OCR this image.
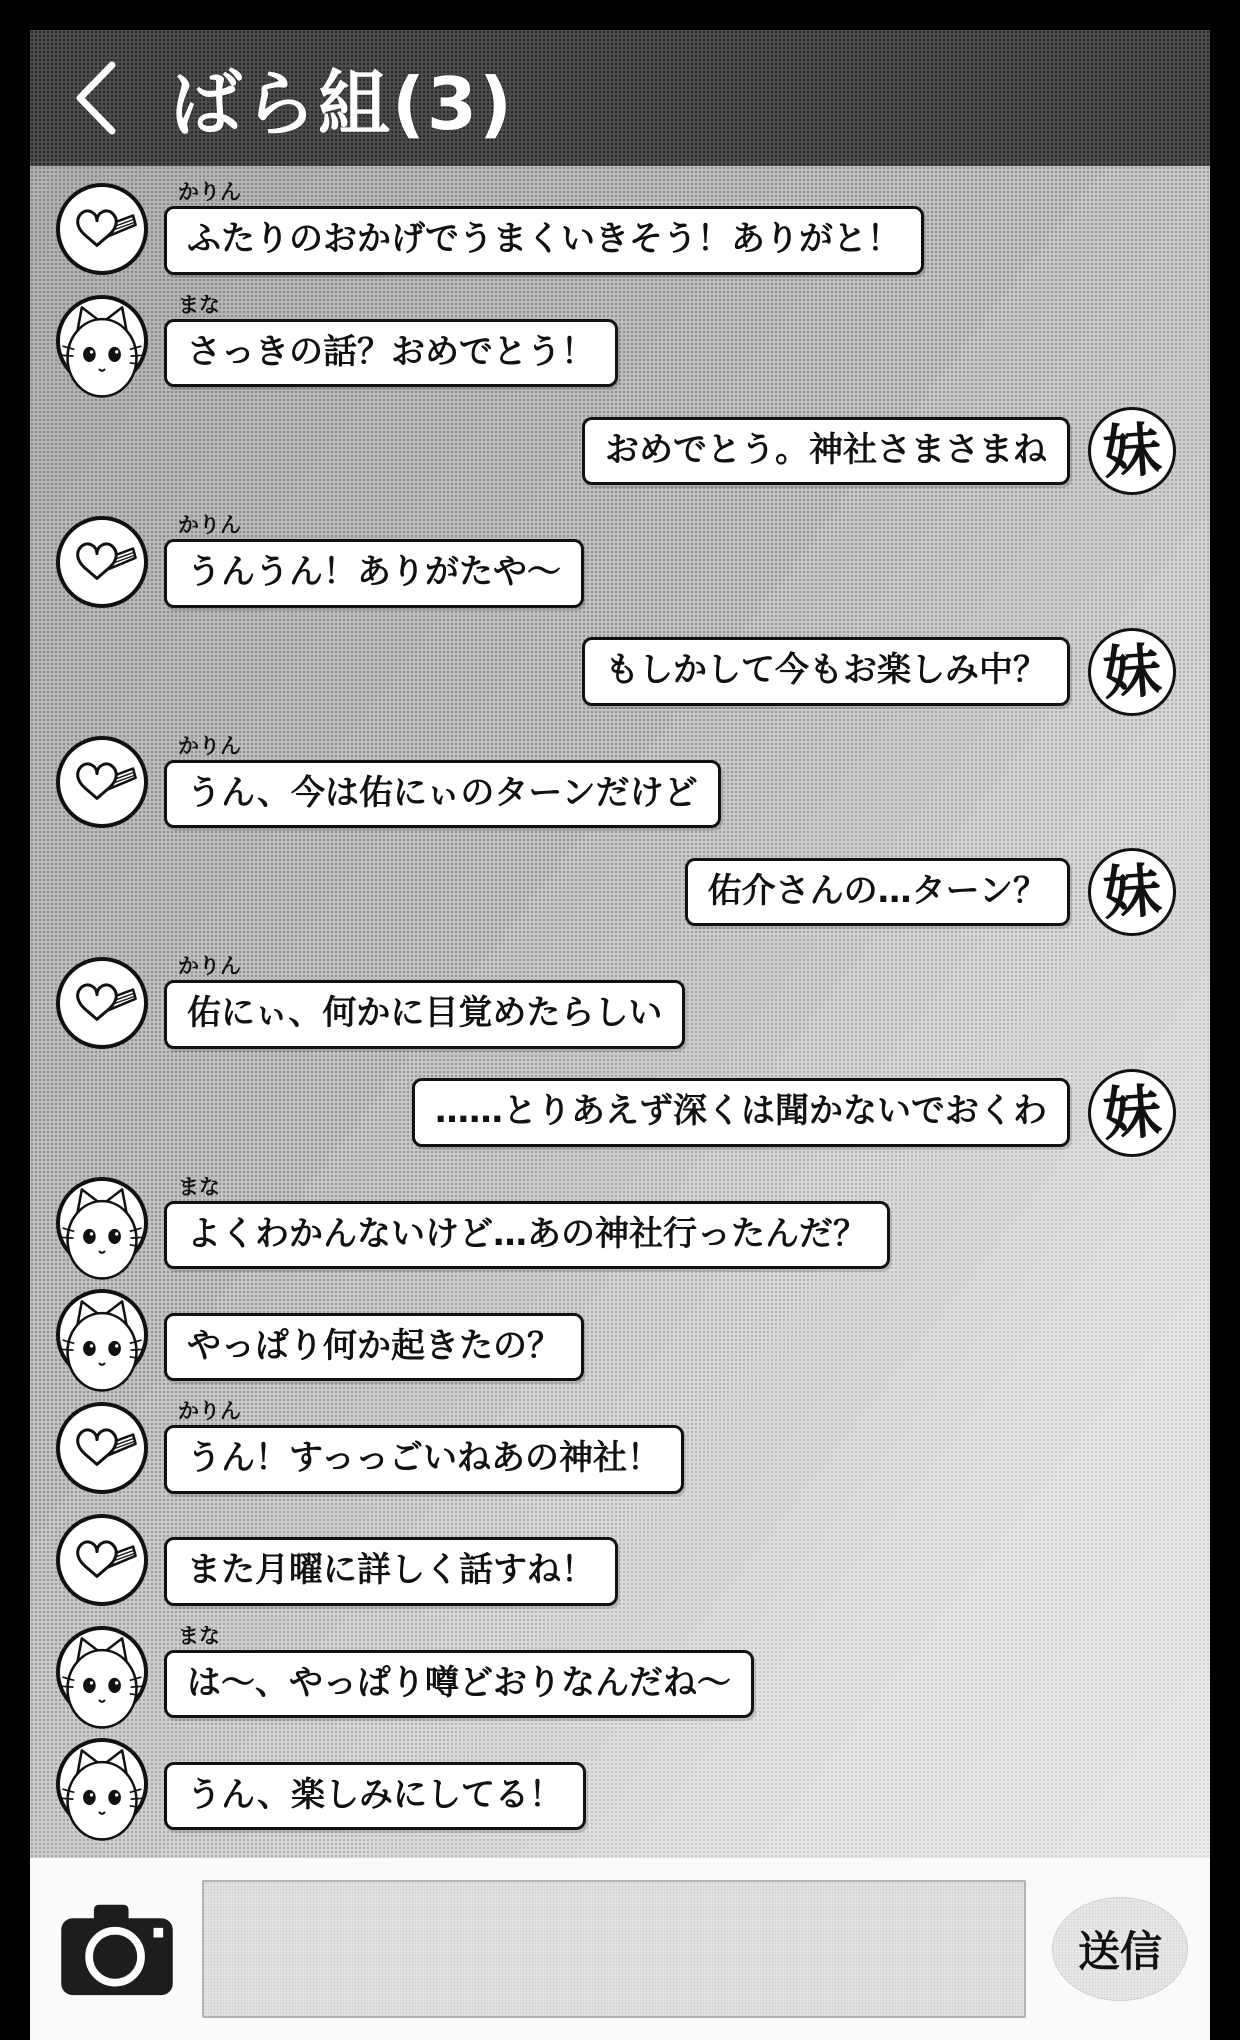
ばら組(3)
かりん
ふたりのおかげでうまくいきそう！ありがと！
まな
さっきの話？おめでとう！
おめでとう。神社さまさまね 妹
かりん
うんうん！ありがたや〜
もしかして今もお楽しみ中？ 妹
かりん
うん、今は佑にぃのターンだけど
佑介さんの…ターン？ 妹
かりん
佑にぃ、何かに目覚めたらしい
……とりあえず深くは聞かないでおくわ 妹
まな
よくわかんないけど…あの神社行ったんだ？
やっぱり何か起きたの？
かりん
うん！すっっごいねあの神社！
また月曜に詳しく話すね！
まな
は〜、やっぱり噂どおりなんだね〜
うん、楽しみにしてる！
送信
